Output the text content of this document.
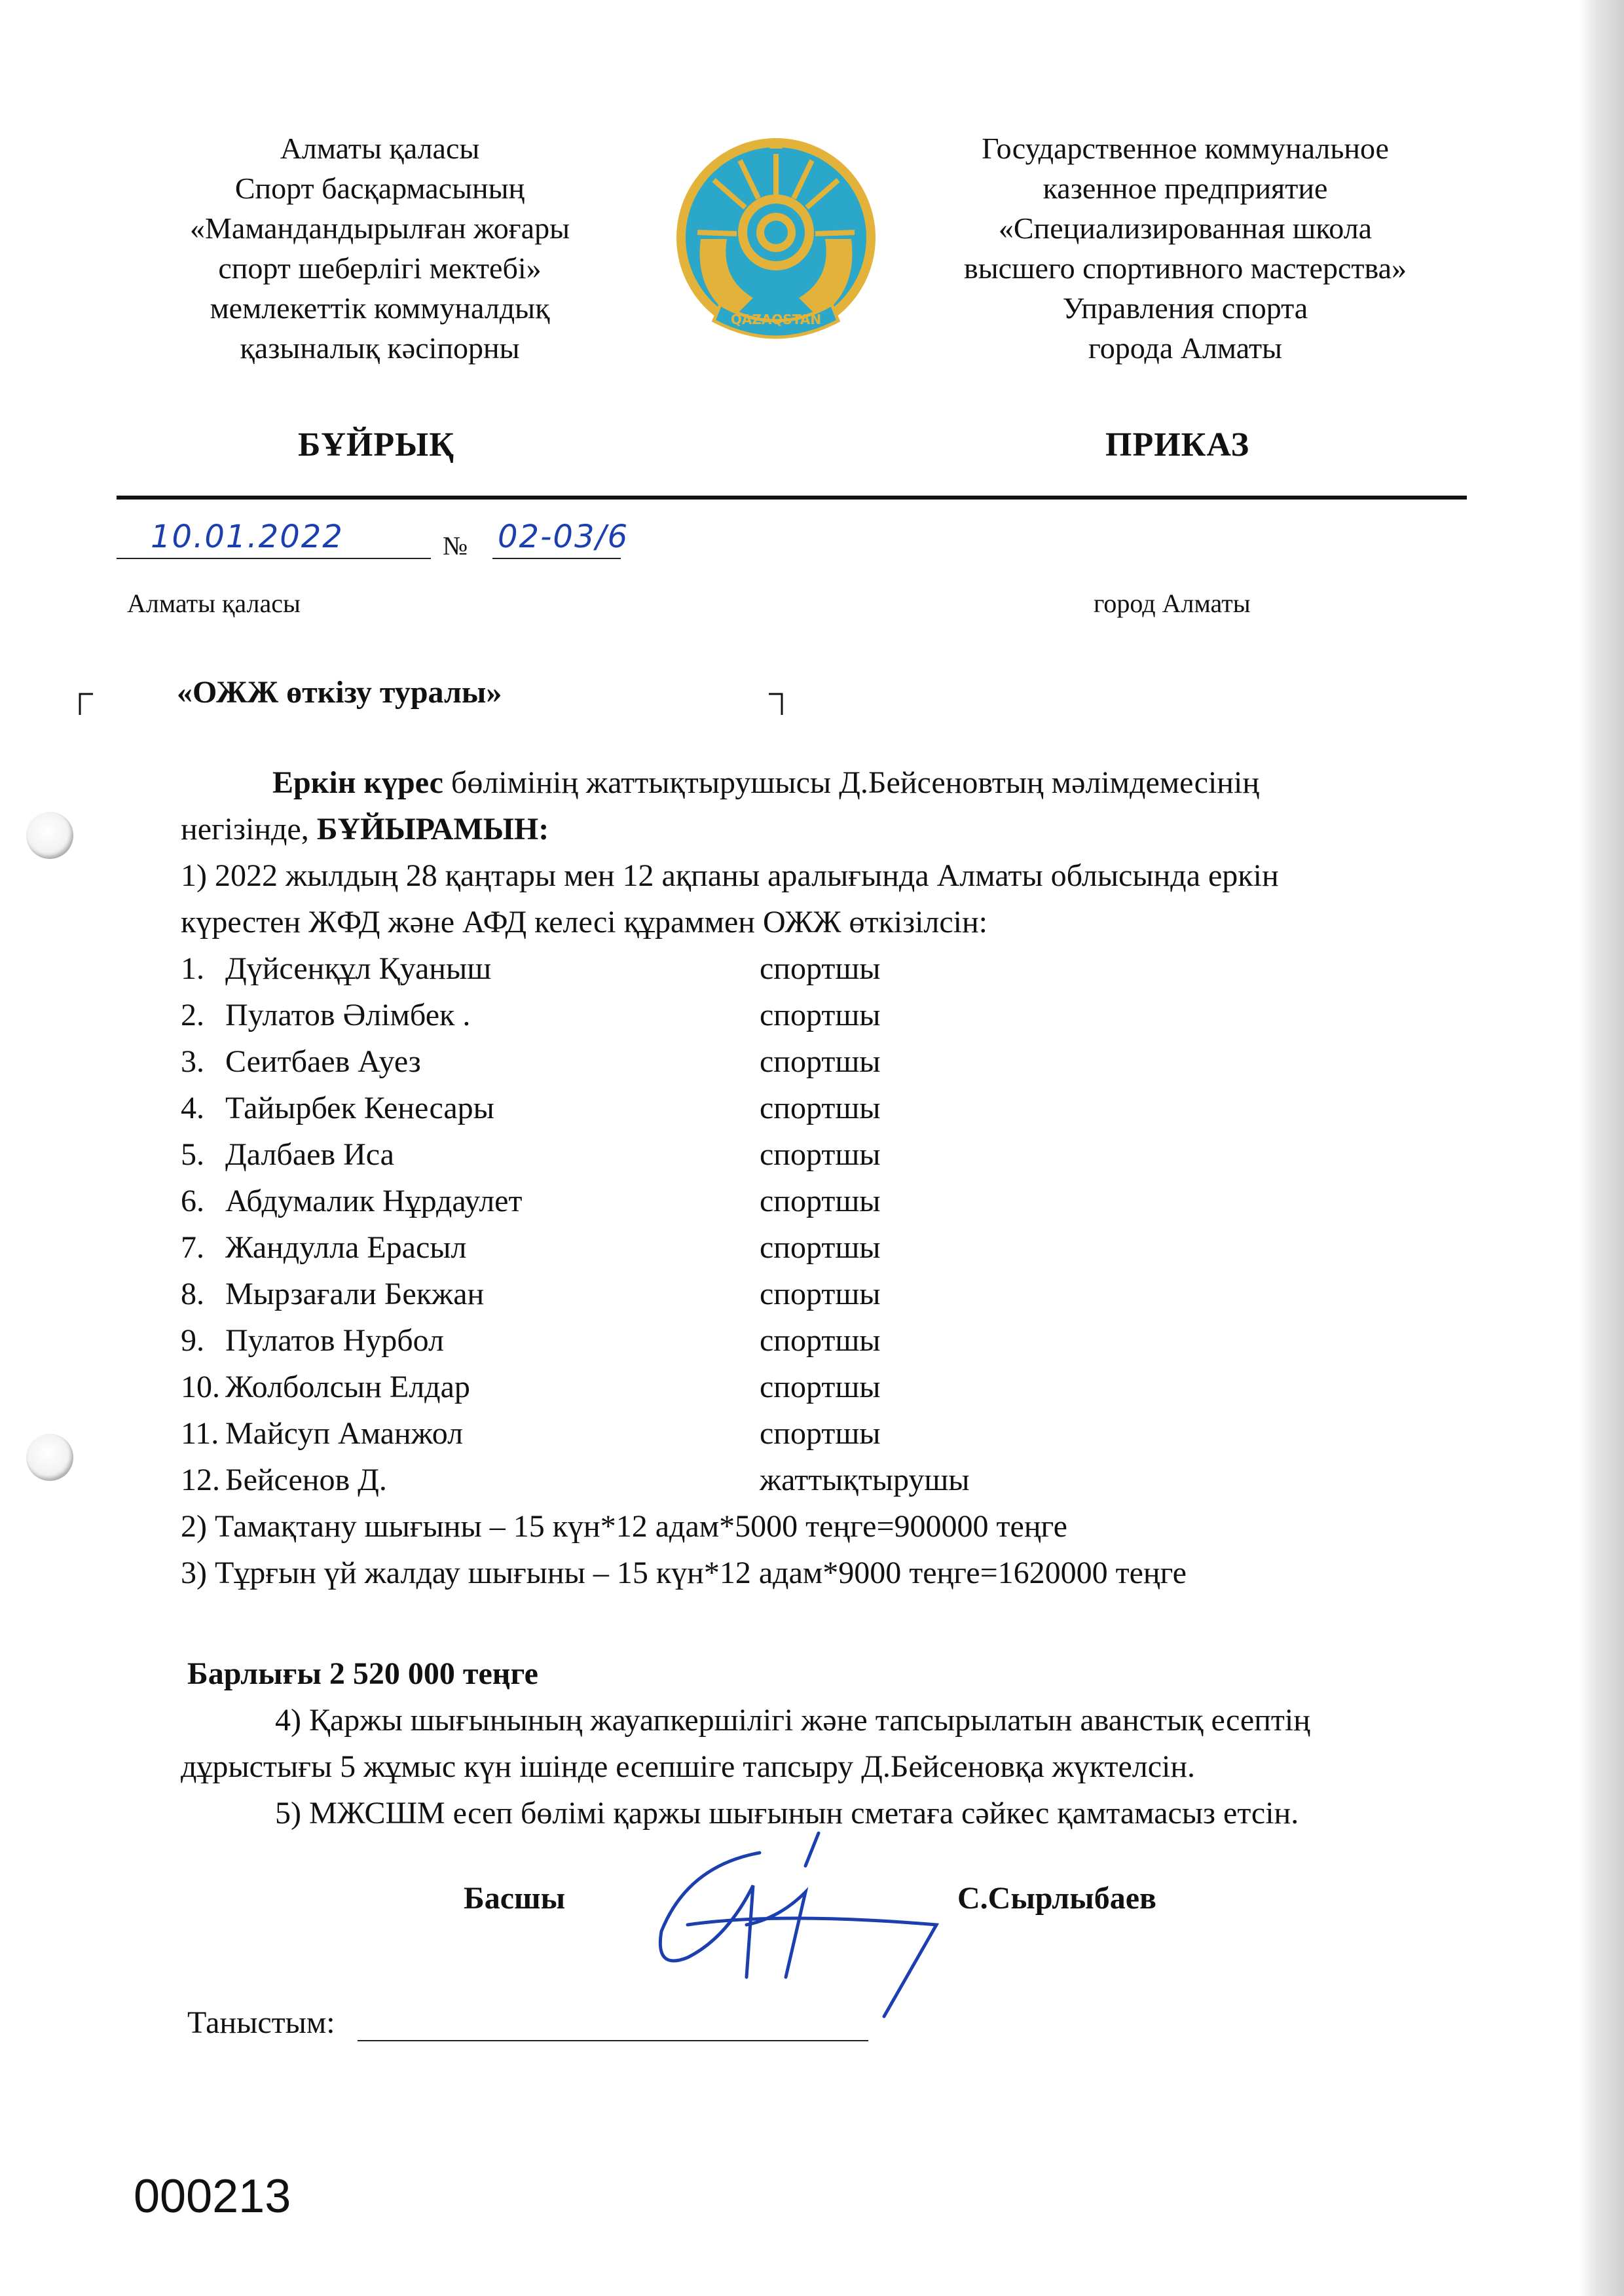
Алматы қаласы
Спорт басқармасының
«Мамандандырылған жоғары
спорт шеберлігі мектебі»
мемлекеттік коммуналдық
қазыналық кәсіпорны
QAZAQSTAN
Государственное коммунальное
казенное предприятие
«Специализированная школа
высшего спортивного мастерства»
Управления спорта
города Алматы
БҰЙРЫҚ	ПРИКАЗ
10.01.2022	№ 02-03/6
Алматы қаласы	город Алматы
«ОЖЖ өткізу туралы»
Еркін күрес бөлімінің жаттықтырушысы Д.Бейсеновтың мәлімдемесінің
негізінде, БҰЙЫРАМЫН:
1) 2022 жылдың 28 қаңтары мен 12 ақпаны аралығында Алматы облысында еркін
күрестен ЖФД және АФД келесі құраммен ОЖЖ өткізілсін:
1. Дүйсенқұл Қуаныш	спортшы
2. Пулатов Әлімбек .	спортшы
3. Сеитбаев Ауез	спортшы
4. Тайырбек Кенесары	спортшы
5. Далбаев Иса	спортшы
6. Абдумалик Нұрдаулет	спортшы
7. Жандулла Ерасыл	спортшы
8. Мырзағали Бекжан	спортшы
9. Пулатов Нурбол	спортшы
10. Жолболсын Елдар	спортшы
11. Майсуп Аманжол	спортшы
12. Бейсенов Д.	жаттықтырушы
2) Тамақтану шығыны – 15 күн*12 адам*5000 теңге=900000 теңге
3) Тұрғын үй жалдау шығыны – 15 күн*12 адам*9000 теңге=1620000 теңге
Барлығы 2 520 000 теңге
4) Қаржы шығынының жауапкершілігі және тапсырылатын аванстық есептің
дұрыстығы 5 жұмыс күн ішінде есепшіге тапсыру Д.Бейсеновқа жүктелсін.
5) МЖСШМ есеп бөлімі қаржы шығынын сметаға сәйкес қамтамасыз етсін.
Басшы	С.Сырлыбаев
Таныстым:
000213
